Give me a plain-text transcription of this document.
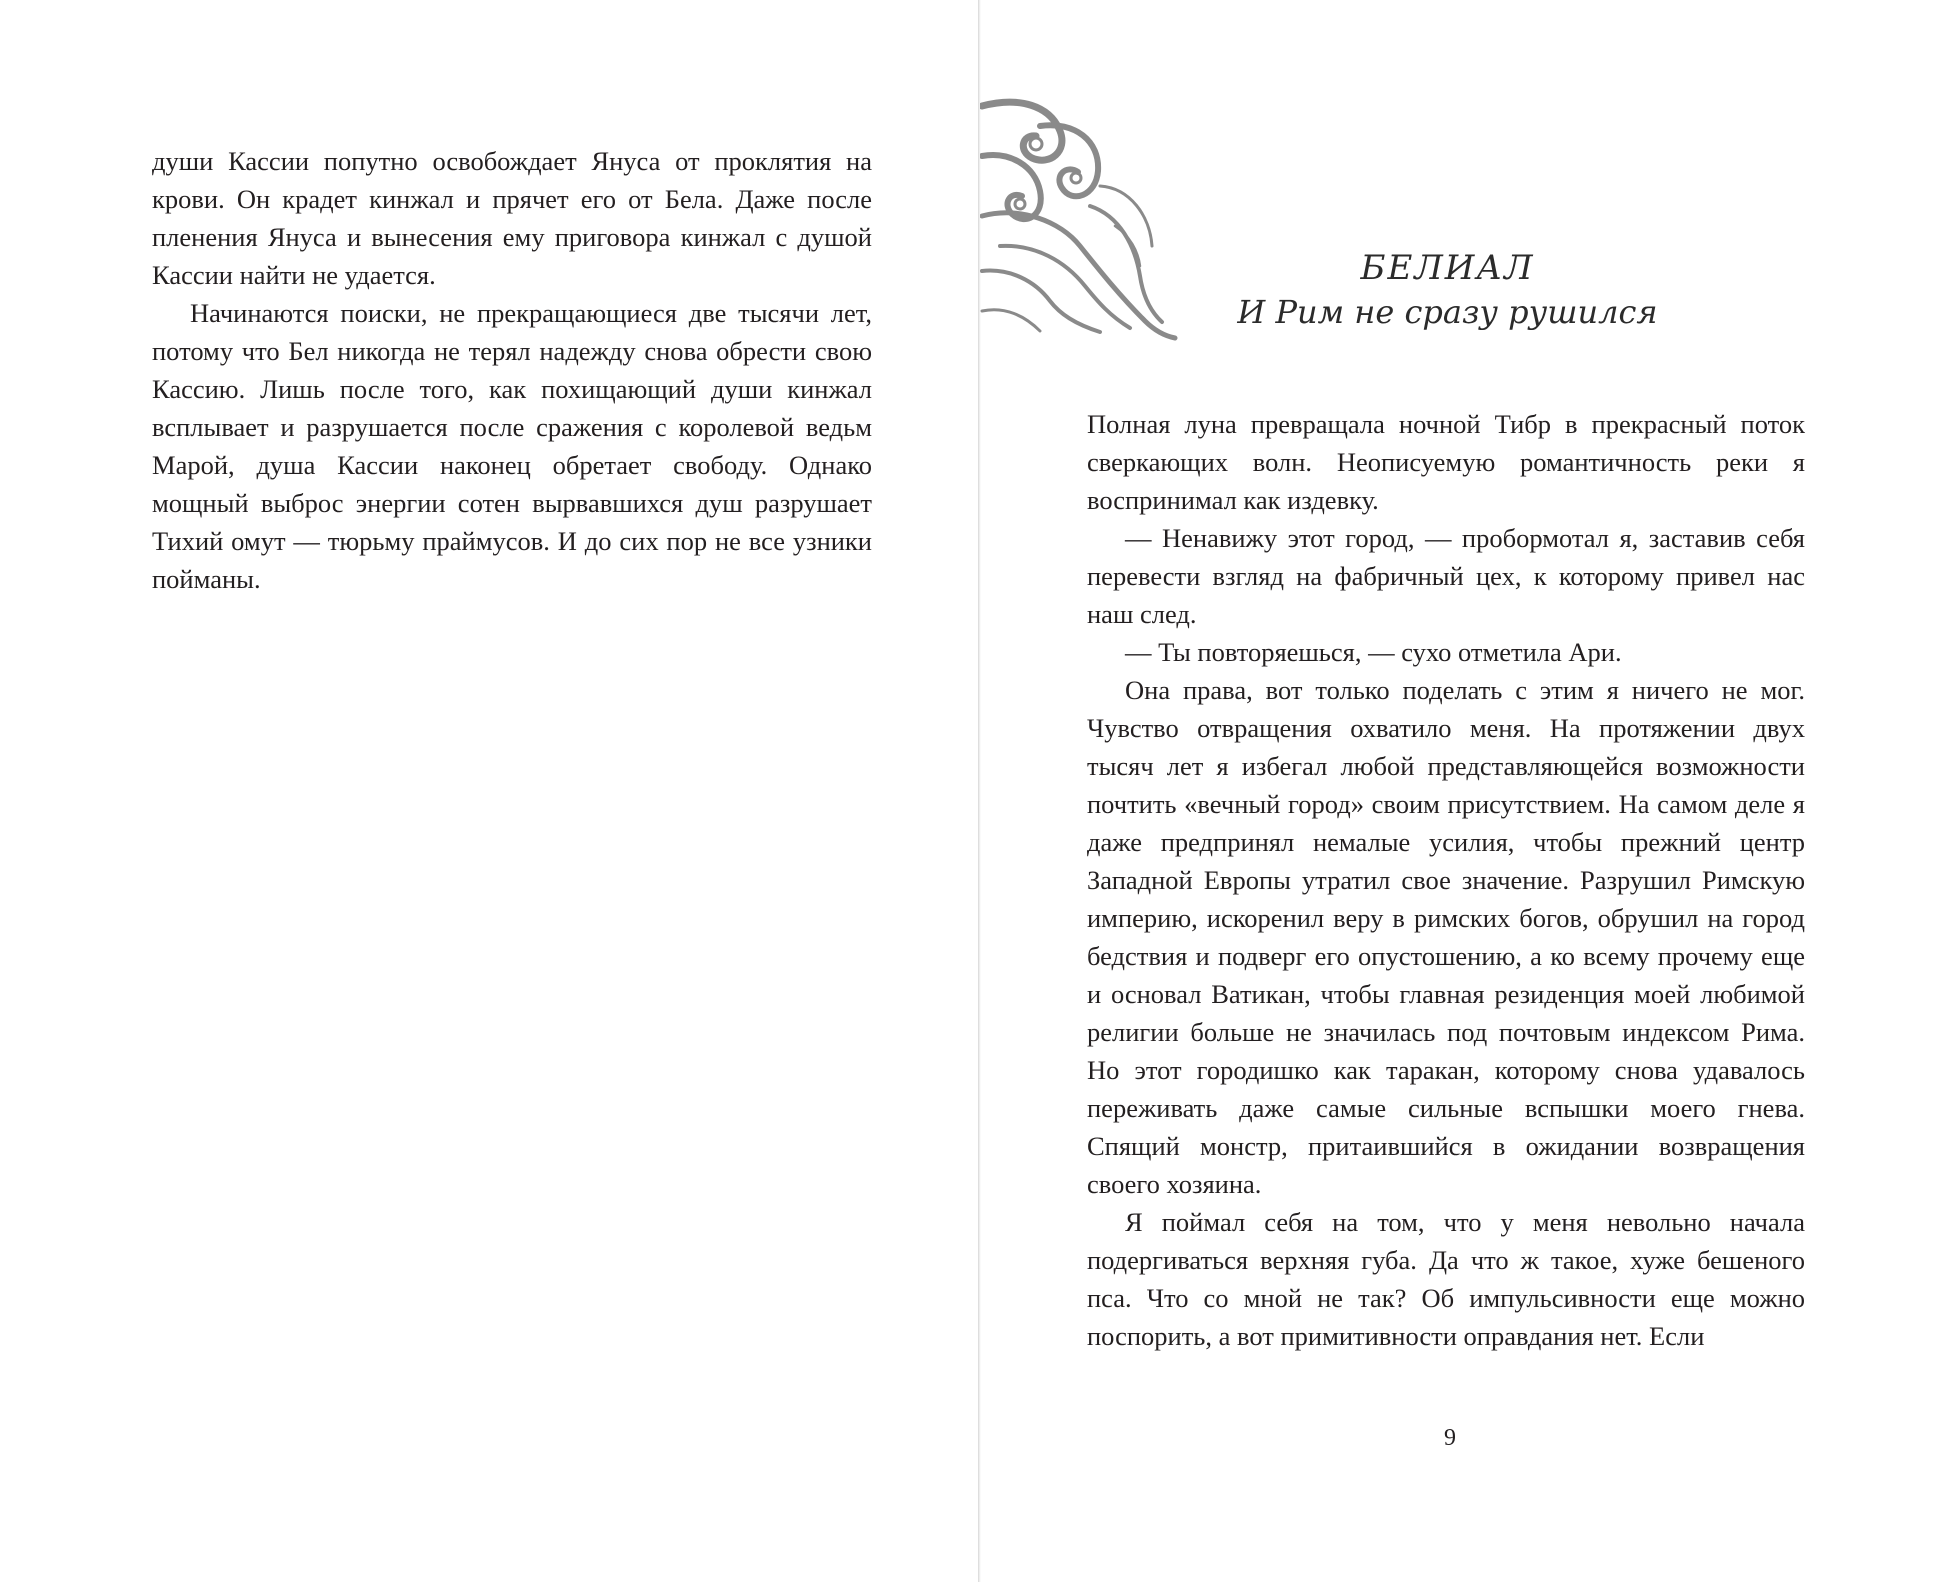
души Кассии попутно освобождает Януса от проклятия на крови. Он крадет кинжал и прячет его от Бела. Даже после пленения Януса и вынесения ему приговора кинжал с душой Кассии найти не удается.

Начинаются поиски, не прекращающиеся две тысячи лет, потому что Бел никогда не терял надежду снова обрести свою Кассию. Лишь после того, как похищающий души кинжал всплывает и разрушается после сражения с королевой ведьм Марой, душа Кассии наконец обретает свободу. Однако мощный выброс энергии сотен вырвавшихся душ разрушает Тихий омут — тюрьму праймусов. И до сих пор не все узники пойманы.

БЕЛИАЛ
И Рим не сразу рушился

Полная луна превращала ночной Тибр в прекрасный поток сверкающих волн. Неописуемую романтичность реки я воспринимал как издевку.

— Ненавижу этот город, — пробормотал я, заставив себя перевести взгляд на фабричный цех, к которому привел нас наш след.

— Ты повторяешься, — сухо отметила Ари.

Она права, вот только поделать с этим я ничего не мог. Чувство отвращения охватило меня. На протяжении двух тысяч лет я избегал любой представляющейся возможности почтить «вечный город» своим присутствием. На самом деле я даже предпринял немалые усилия, чтобы прежний центр Западной Европы утратил свое значение. Разрушил Римскую империю, искоренил веру в римских богов, обрушил на город бедствия и подверг его опустошению, а ко всему прочему еще и основал Ватикан, чтобы главная резиденция моей любимой религии больше не значилась под почтовым индексом Рима. Но этот городишко как таракан, которому снова удавалось переживать даже самые сильные вспышки моего гнева. Спящий монстр, притаившийся в ожидании возвращения своего хозяина.

Я поймал себя на том, что у меня невольно начала подергиваться верхняя губа. Да что ж такое, хуже бешеного пса. Что со мной не так? Об импульсивности еще можно поспорить, а вот примитивности оправдания нет. Если

9
